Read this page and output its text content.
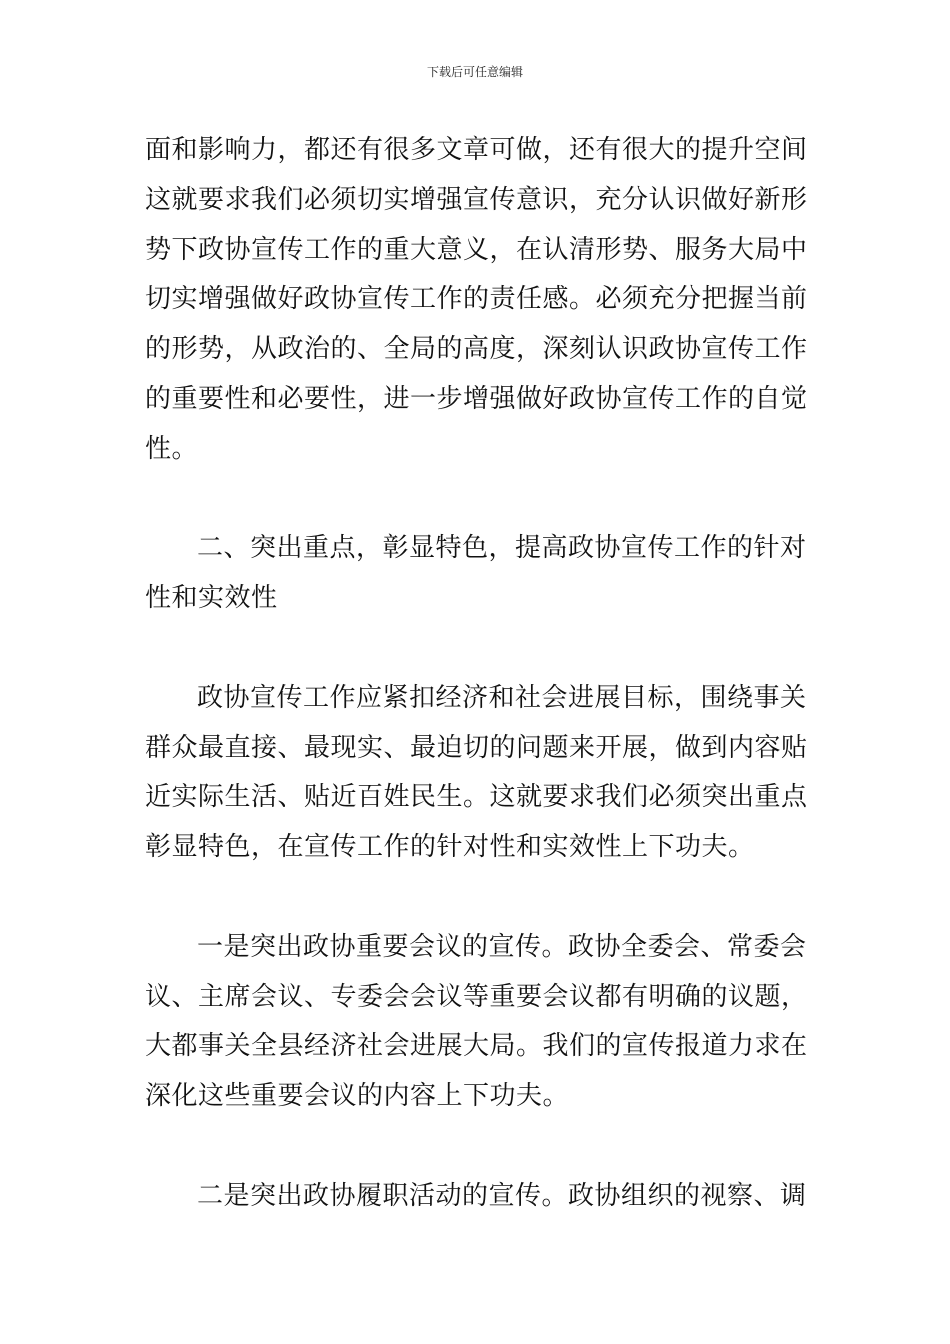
下载后可任意编辑
面和影响力，都还有很多文章可做，还有很大的提升空间
这就要求我们必须切实增强宣传意识，充分认识做好新形
势下政协宣传工作的重大意义，在认清形势、服务大局中
切实增强做好政协宣传工作的责任感。必须充分把握当前
的形势，从政治的、全局的高度，深刻认识政协宣传工作
的重要性和必要性，进一步增强做好政协宣传工作的自觉
性。
二、突出重点，彰显特色，提高政协宣传工作的针对
性和实效性
政协宣传工作应紧扣经济和社会进展目标，围绕事关
群众最直接、最现实、最迫切的问题来开展，做到内容贴
近实际生活、贴近百姓民生。这就要求我们必须突出重点
彰显特色，在宣传工作的针对性和实效性上下功夫。
一是突出政协重要会议的宣传。政协全委会、常委会
议、主席会议、专委会会议等重要会议都有明确的议题，
大都事关全县经济社会进展大局。我们的宣传报道力求在
深化这些重要会议的内容上下功夫。
二是突出政协履职活动的宣传。政协组织的视察、调
